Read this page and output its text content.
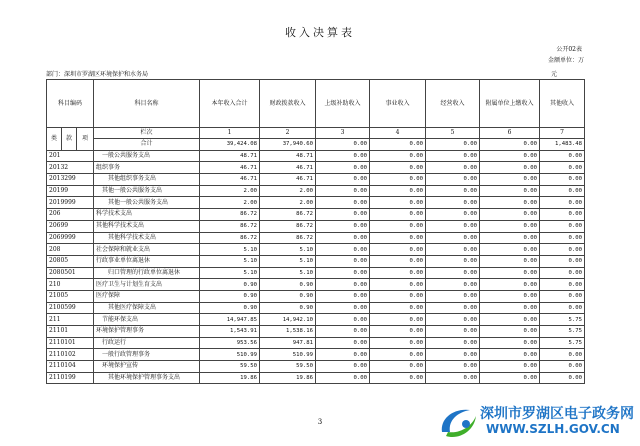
收入决算表
公开02表
金额单位：万
部门：深圳市罗湖区环境保护和水务局	元
科目编码			科目名称	本年收入合计	财政拨款收入	上级补助收入	事业收入	经营收入	附属单位上缴收入	其他收入
类	款	项	栏次	1	2	3	4	5	6	7
			合计	39,424.08	37,940.60	0.00	0.00	0.00	0.00	1,483.48
201			一般公共服务支出	48.71	48.71	0.00	0.00	0.00	0.00	0.00
20132			组织事务	46.71	46.71	0.00	0.00	0.00	0.00	0.00
2013299			其他组织事务支出	46.71	46.71	0.00	0.00	0.00	0.00	0.00
20199			其他一般公共服务支出	2.00	2.00	0.00	0.00	0.00	0.00	0.00
2019999			其他一般公共服务支出	2.00	2.00	0.00	0.00	0.00	0.00	0.00
206			科学技术支出	86.72	86.72	0.00	0.00	0.00	0.00	0.00
20699			其他科学技术支出	86.72	86.72	0.00	0.00	0.00	0.00	0.00
2069999			其他科学技术支出	86.72	86.72	0.00	0.00	0.00	0.00	0.00
208			社会保障和就业支出	5.10	5.10	0.00	0.00	0.00	0.00	0.00
20805			行政事业单位离退休	5.10	5.10	0.00	0.00	0.00	0.00	0.00
2080501			归口管理的行政单位离退休	5.10	5.10	0.00	0.00	0.00	0.00	0.00
210			医疗卫生与计划生育支出	0.90	0.90	0.00	0.00	0.00	0.00	0.00
21005			医疗保障	0.90	0.90	0.00	0.00	0.00	0.00	0.00
2100599			其他医疗保障支出	0.90	0.90	0.00	0.00	0.00	0.00	0.00
211			节能环保支出	14,947.85	14,942.10	0.00	0.00	0.00	0.00	5.75
21101			环境保护管理事务	1,543.91	1,538.16	0.00	0.00	0.00	0.00	5.75
2110101			行政运行	953.56	947.81	0.00	0.00	0.00	0.00	5.75
2110102			一般行政管理事务	510.99	510.99	0.00	0.00	0.00	0.00	0.00
2110104			环境保护宣传	59.50	59.50	0.00	0.00	0.00	0.00	0.00
2110199			其他环境保护管理事务支出	19.86	19.86	0.00	0.00	0.00	0.00	0.00
3	深圳市罗湖区电子政务网
WWW.SZLH.GOV.CN
